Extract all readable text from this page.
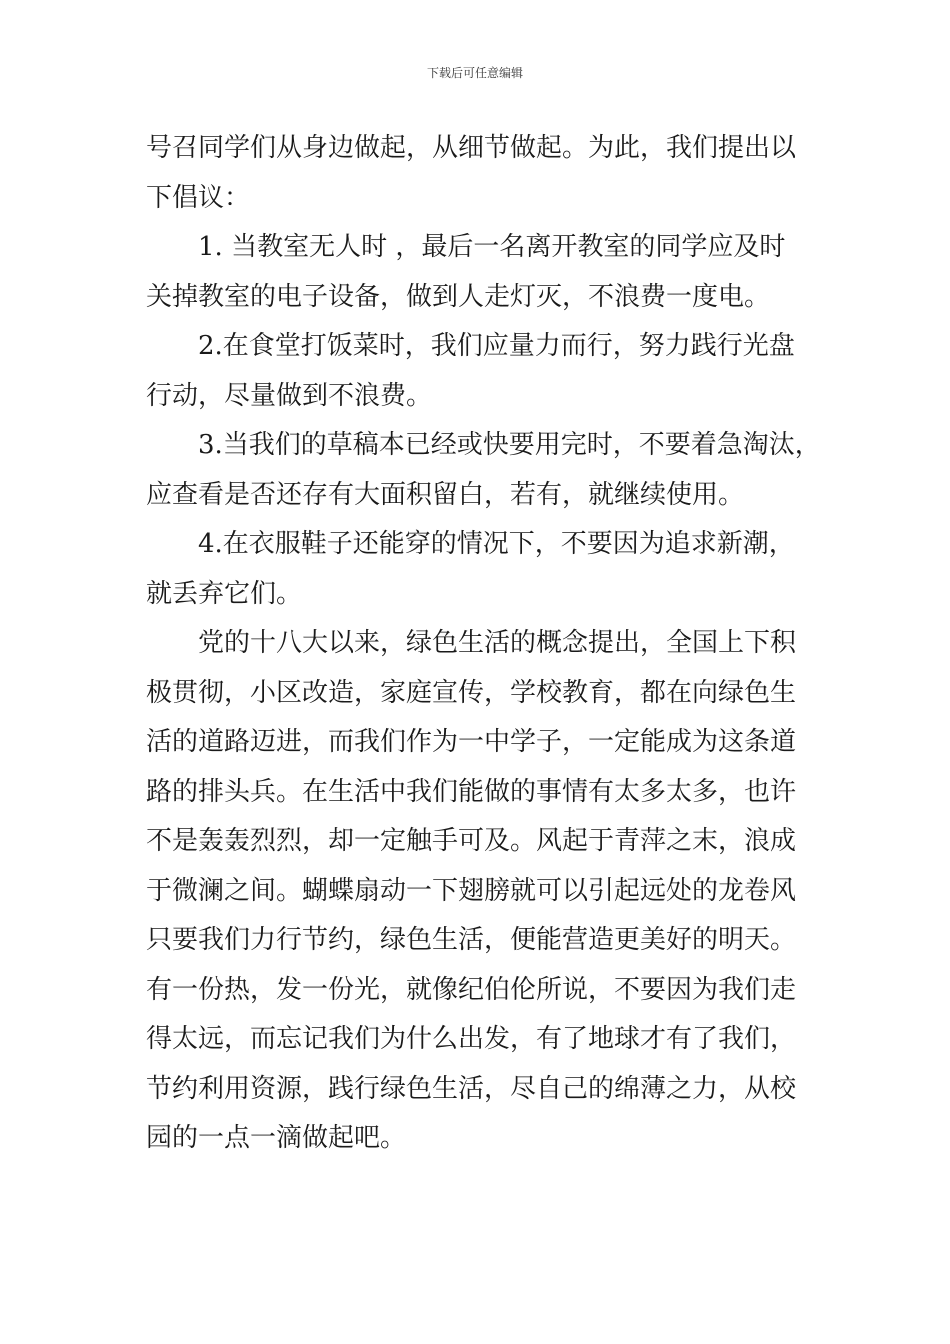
下载后可任意编辑

号召同学们从身边做起，从细节做起。为此，我们提出以
下倡议：

1. 当教室无人时 ，最后一名离开教室的同学应及时
关掉教室的电子设备，做到人走灯灭，不浪费一度电。

2.在食堂打饭菜时，我们应量力而行，努力践行光盘
行动，尽量做到不浪费。

3.当我们的草稿本已经或快要用完时，不要着急淘汰，
应查看是否还存有大面积留白，若有，就继续使用。

4.在衣服鞋子还能穿的情况下，不要因为追求新潮，
就丢弃它们。

党的十八大以来，绿色生活的概念提出，全国上下积
极贯彻，小区改造，家庭宣传，学校教育，都在向绿色生
活的道路迈进，而我们作为一中学子，一定能成为这条道
路的排头兵。在生活中我们能做的事情有太多太多，也许
不是轰轰烈烈，却一定触手可及。风起于青萍之末，浪成
于微澜之间。蝴蝶扇动一下翅膀就可以引起远处的龙卷风
只要我们力行节约，绿色生活，便能营造更美好的明天。
有一份热，发一份光，就像纪伯伦所说，不要因为我们走
得太远，而忘记我们为什么出发，有了地球才有了我们，
节约利用资源，践行绿色生活，尽自己的绵薄之力，从校
园的一点一滴做起吧。
